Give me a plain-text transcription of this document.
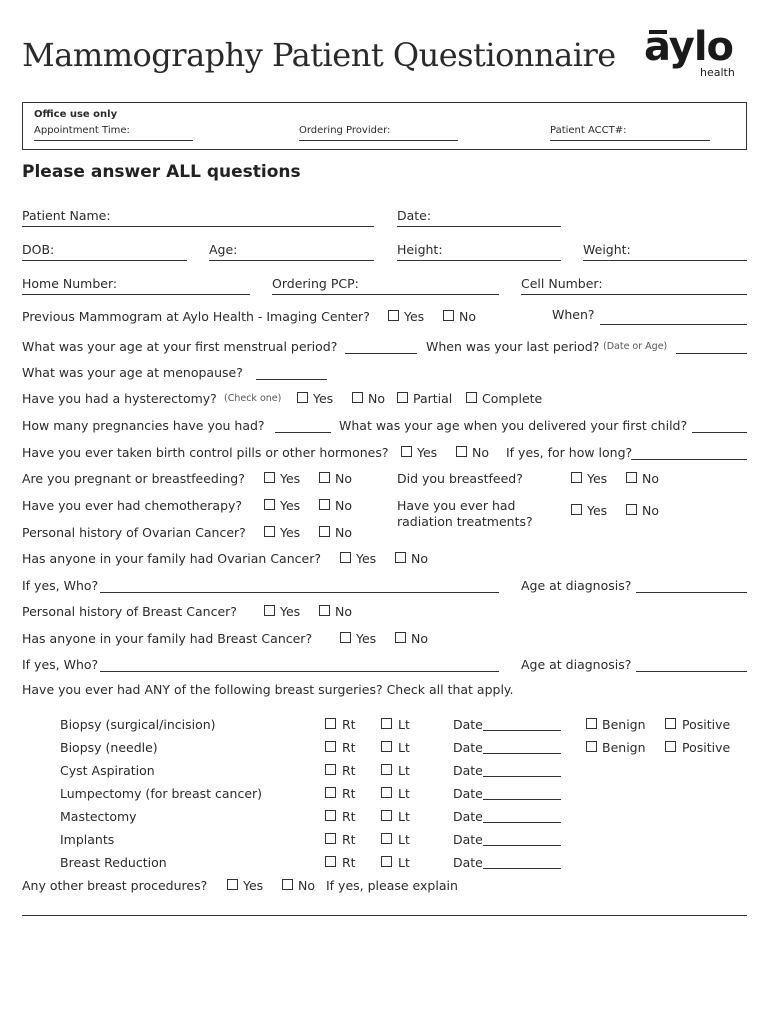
Mammography Patient Questionnaire aylo
health
Office use only
Appointment Time:	Ordering Provider:	Patient ACCT#:
Please answer ALL questions
Patient Name:	Date:
DOB:	Age:	Height:	Weight:
Home Number:	Ordering PCP:	Cell Number:
Previous Mammogram at Aylo Health - Imaging Center?	Yes	No	When?
What was your age at your first menstrual period?	When was your last period? (Date or Age)
What was your age at menopause?
Have you had a hysterectomy? (Check one)	Yes	No Partial Complete
How many pregnancies have you had?	What was your age when you delivered your first child?
Have you ever taken birth control pills or other hormones? Yes	No If yes, for how long?
Are you pregnant or breastfeeding?	Yes	No	Did you breastfeed?	Yes	No
Have you ever had chemotherapy?	Yes	No	Have you ever had
radiation treatments?
Yes	No
Personal history of Ovarian Cancer?	Yes	No
Has anyone in your family had Ovarian Cancer?	Yes	No
If yes, Who?	Age at diagnosis?
Personal history of Breast Cancer?	Yes	No
Has anyone in your family had Breast Cancer?	Yes	No
If yes, Who?	Age at diagnosis?
Have you ever had ANY of the following breast surgeries? Check all that apply.
Biopsy (surgical/incision)	Rt	Lt	Date	Benign	Positive
Biopsy (needle)	Rt	Lt	Date	Benign	Positive
Cyst Aspiration	Rt	Lt	Date
Lumpectomy (for breast cancer)	Rt	Lt	Date
Mastectomy	Rt	Lt	Date
Implants	Rt	Lt	Date
Breast Reduction	Rt	Lt	Date
Any other breast procedures?	Yes	No If yes, please explain
